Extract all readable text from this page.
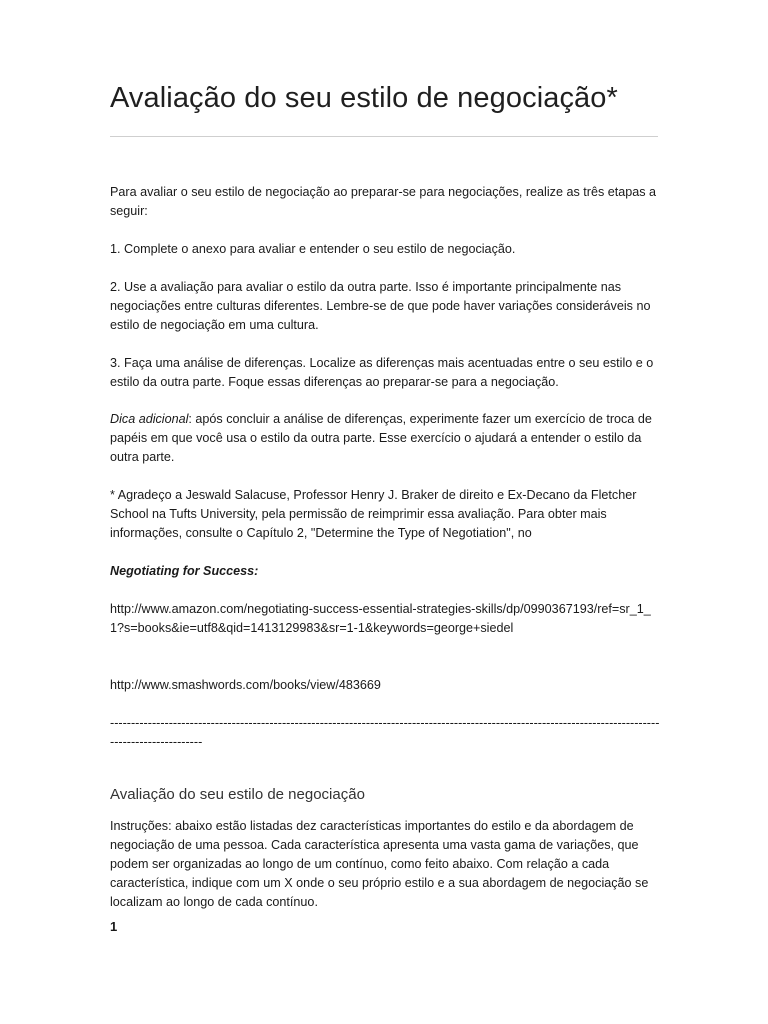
Avaliação do seu estilo de negociação*

Para avaliar o seu estilo de negociação ao preparar-se para negociações, realize as três etapas a seguir:

1. Complete o anexo para avaliar e entender o seu estilo de negociação.

2. Use a avaliação para avaliar o estilo da outra parte. Isso é importante principalmente nas negociações entre culturas diferentes. Lembre-se de que pode haver variações consideráveis no estilo de negociação em uma cultura.

3. Faça uma análise de diferenças. Localize as diferenças mais acentuadas entre o seu estilo e o estilo da outra parte. Foque essas diferenças ao preparar-se para a negociação.

Dica adicional: após concluir a análise de diferenças, experimente fazer um exercício de troca de papéis em que você usa o estilo da outra parte. Esse exercício o ajudará a entender o estilo da outra parte.

* Agradeço a Jeswald Salacuse, Professor Henry J. Braker de direito e Ex-Decano da Fletcher School na Tufts University, pela permissão de reimprimir essa avaliação. Para obter mais informações, consulte o Capítulo 2, "Determine the Type of Negotiation", no

Negotiating for Success:

http://www.amazon.com/negotiating-success-essential-strategies-skills/dp/0990367193/ref=sr_1_1?s=books&ie=utf8&qid=1413129983&sr=1-1&keywords=george+siedel

http://www.smashwords.com/books/view/483669

---------------------------------------------------------------------------------------------------------------------------------------------------------
Avaliação do seu estilo de negociação

Instruções: abaixo estão listadas dez características importantes do estilo e da abordagem de negociação de uma pessoa. Cada característica apresenta uma vasta gama de variações, que podem ser organizadas ao longo de um contínuo, como feito abaixo. Com relação a cada característica, indique com um X onde o seu próprio estilo e a sua abordagem de negociação se localizam ao longo de cada contínuo.

1
